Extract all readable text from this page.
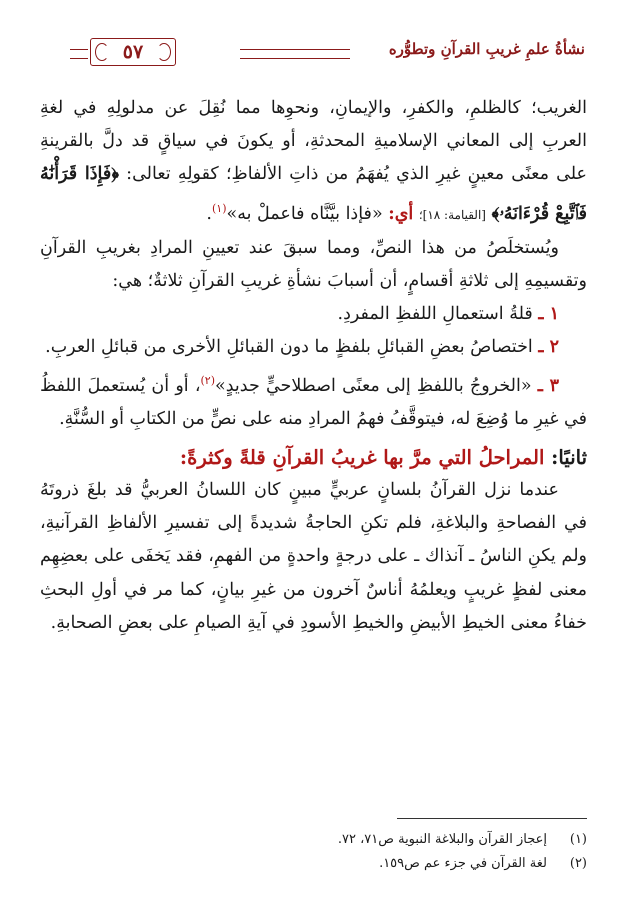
نشأةُ علمِ غريبِ القرآنِ وتطوُّره
٥٧

الغريب؛ كالظلمِ، والكفرِ، والإيمانِ، ونحوِها مما نُقِلَ عن مدلولِهِ في لغةِ العربِ إلى المعاني الإسلاميةِ المحدثةِ، أو يكونَ في سياقٍ قد دلَّ بالقرينةِ على معنًى معينٍ غيرِ الذي يُفهَمُ من ذاتِ الألفاظِ؛ كقولِهِ تعالى: ﴿فَإِذَا قَرَأْنَٰهُ فَٱتَّبِعْ قُرْءَانَهُۥ﴾ [القيامة: ١٨]؛ أي: «فإذا بيَّنَّاه فاعملْ به»$^{(١)}$.

ويُستخلَصُ من هذا النصِّ، ومما سبقَ عند تعيينِ المرادِ بغريبِ القرآنِ وتقسيمِهِ إلى ثلاثةِ أقسامٍ، أن أسبابَ نشأةِ غريبِ القرآنِ ثلاثةٌ؛ هي:

١ ـ قلةُ استعمالِ اللفظِ المفردِ.

٢ ـ اختصاصُ بعضِ القبائلِ بلفظٍ ما دون القبائلِ الأخرى من قبائلِ العربِ.

٣ ـ «الخروجُ باللفظِ إلى معنًى اصطلاحيٍّ جديدٍ»$^{(٢)}$، أو أن يُستعملَ اللفظُ في غيرِ ما وُضِعَ له، فيتوقَّفُ فهمُ المرادِ منه على نصٍّ من الكتابِ أو السُّنَّةِ.

ثانيًا: المراحلُ التي مرَّ بها غريبُ القرآنِ قلةً وكثرةً:

عندما نزل القرآنُ بلسانٍ عربيٍّ مبينٍ كان اللسانُ العربيُّ قد بلغَ ذروتَهُ في الفصاحةِ والبلاغةِ، فلم تكنِ الحاجةُ شديدةً إلى تفسيرِ الألفاظِ القرآنيةِ، ولم يكنِ الناسُ ـ آنذاك ـ على درجةٍ واحدةٍ من الفهمِ، فقد يَخفَى على بعضِهِم معنى لفظٍ غريبٍ ويعلمُهُ أناسٌ آخرون من غيرِ بيانٍ، كما مر في أولِ البحثِ خفاءُ معنى الخيطِ الأبيضِ والخيطِ الأسودِ في آيةِ الصيامِ على بعضِ الصحابةِ.

(١)إعجاز القرآن والبلاغة النبوية ص٧١، ٧٢.

(٢)لغة القرآن في جزء عم ص١٥٩.
